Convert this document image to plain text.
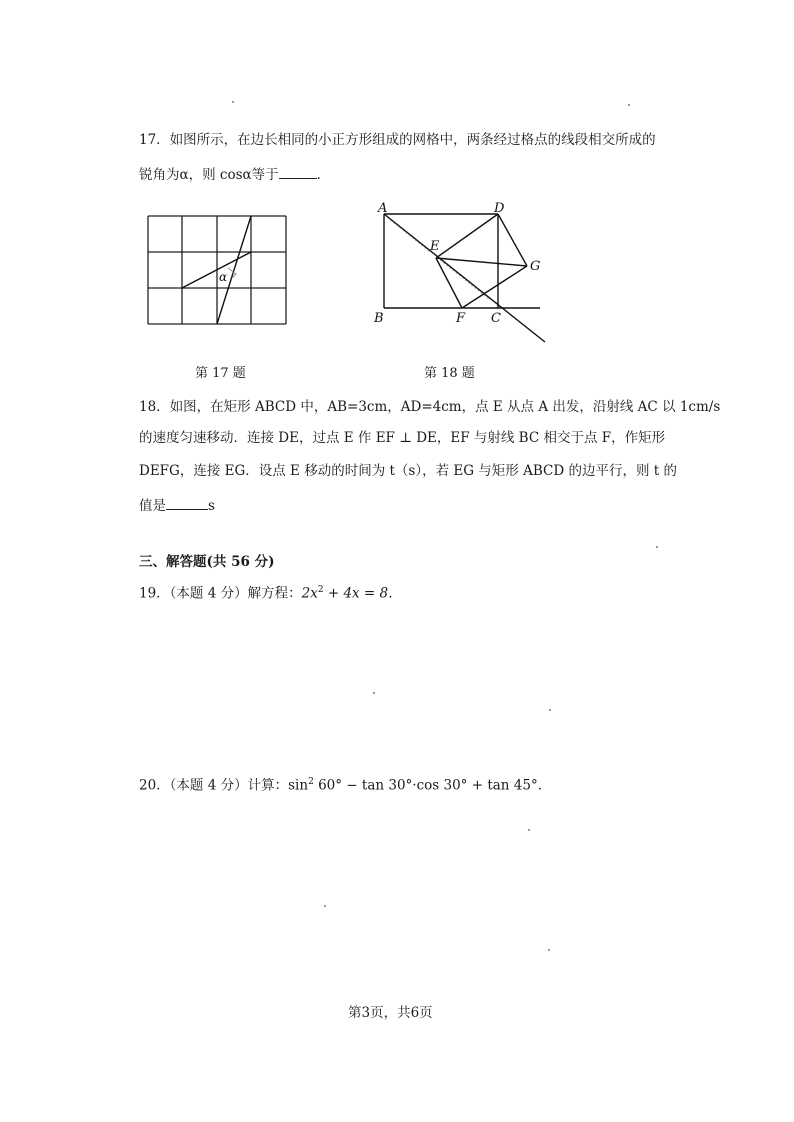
17．如图所示，在边长相同的小正方形组成的网格中，两条经过格点的线段相交所成的
锐角为α，则 cosα等于	．
α
第 17 题
A
B	C
D
E
F
G
第 18 题
18．如图，在矩形 ABCD 中，AB=3cm，AD=4cm，点 E 从点 A 出发，沿射线 AC 以 1cm/s
的速度匀速移动．连接 DE，过点 E 作 EF ⊥ DE，EF 与射线 BC 相交于点 F，作矩形
DEFG，连接 EG．设点 E 移动的时间为 t（s），若 EG 与矩形 ABCD 的边平行，则 t 的
值是	s
三、解答题(共 56 分)
19．（本题 4 分）解方程：$2x^2 + 4x = 8$．
20．（本题 4 分）计算：$\sin^2 60^\circ - \tan 30^\circ\cdot\cos$ 30° + tan 45°．
第3页，共6页
